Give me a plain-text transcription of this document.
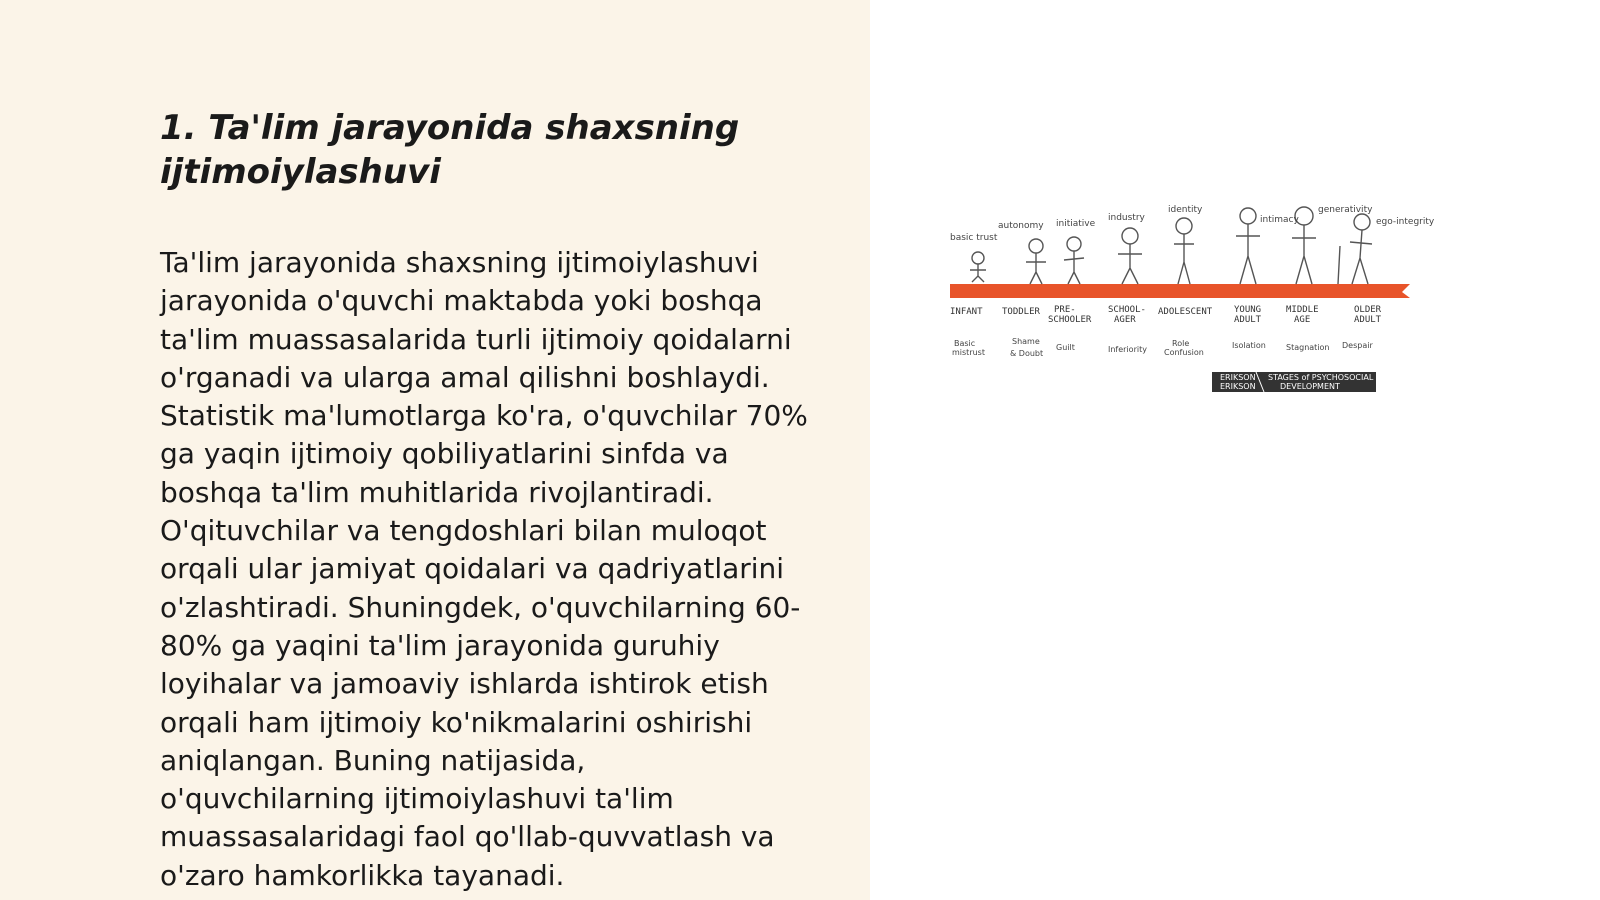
1. Ta'lim jarayonida shaxsning ijtimoiylashuvi

Ta'lim jarayonida shaxsning ijtimoiylashuvi
jarayonida o'quvchi maktabda yoki boshqa
ta'lim muassasalarida turli ijtimoiy qoidalarni
o'rganadi va ularga amal qilishni boshlaydi.
Statistik ma'lumotlarga ko'ra, o'quvchilar 70%
ga yaqin ijtimoiy qobiliyatlarini sinfda va
boshqa ta'lim muhitlarida rivojlantiradi.
O'qituvchilar va tengdoshlari bilan muloqot
orqali ular jamiyat qoidalari va qadriyatlarini
o'zlashtiradi. Shuningdek, o'quvchilarning 60-
80% ga yaqini ta'lim jarayonida guruhiy
loyihalar va jamoaviy ishlarda ishtirok etish
orqali ham ijtimoiy ko'nikmalarini oshirishi
aniqlangan. Buning natijasida,
o'quvchilarning ijtimoiylashuvi ta'lim
muassasalaridagi faol qo'llab-quvvatlash va
o'zaro hamkorlikka tayanadi.

basic trust
autonomy initiative
industry
identity
intimacy
generativity
ego-integrity
INFANT TODDLER PRE-
SCHOOLER
SCHOOL-
AGER
ADOLESCENT YOUNG
ADULT
MIDDLE
AGE
OLDER
ADULT
Basic
mistrust
Shame
& Doubt
Guilt	Inferiority
Role
Confusion
Isolation	Stagnation Despair
ERIKSON
ERIKSON
STAGES of PSYCHOSOCIAL
DEVELOPMENT
